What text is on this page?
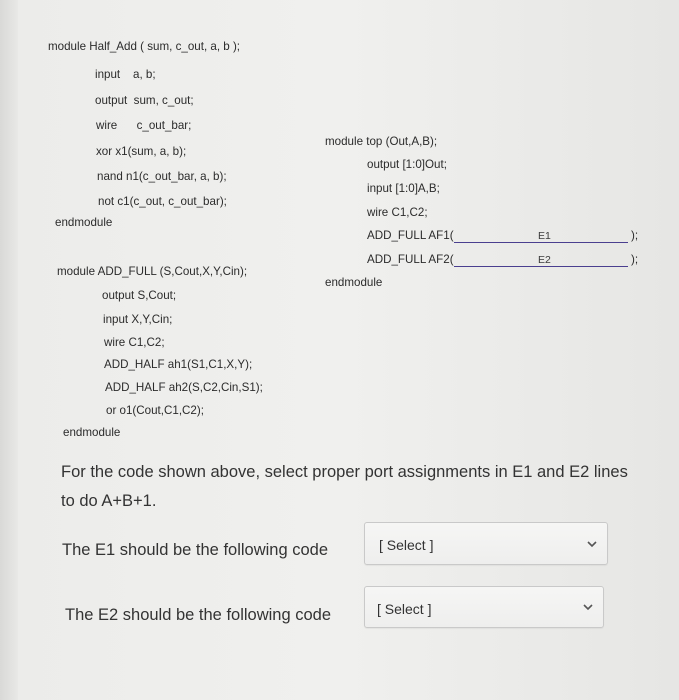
module Half_Add ( sum, c_out, a, b );
input    a, b;
output  sum, c_out;
wire      c_out_bar;
xor x1(sum, a, b);
nand n1(c_out_bar, a, b);
not c1(c_out, c_out_bar);
endmodule
module ADD_FULL (S,Cout,X,Y,Cin);
output S,Cout;
input X,Y,Cin;
wire C1,C2;
ADD_HALF ah1(S1,C1,X,Y);
ADD_HALF ah2(S,C2,Cin,S1);
or o1(Cout,C1,C2);
endmodule
module top (Out,A,B);
output [1:0]Out;
input [1:0]A,B;
wire C1,C2;
ADD_FULL AF1(	E1	);
ADD_FULL AF2(	E2	);
endmodule
For the code shown above, select proper port assignments in E1 and E2 lines to do A+B+1.
The E1 should be the following code	[ Select ]
The E2 should be the following code	[ Select ]
